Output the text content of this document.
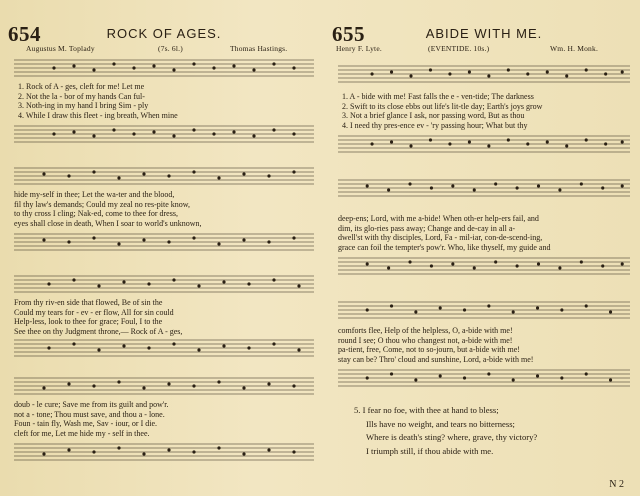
654	ROCK OF AGES.
Augustus M. Toplady	(7s. 6l.)	Thomas Hastings.
1. Rock of A - ges, cleft for me! Let me
2. Not the la - bor of my hands Can ful-
3. Noth-ing in my hand I bring Sim - ply
4. While I draw this fleet - ing breath, When mine
hide my-self in thee; Let the wa-ter and the blood,
fil thy law's demands; Could my zeal no res-pite know,
to thy cross I cling; Nak-ed, come to thee for dress,
eyes shall close in death, When I soar to world's unknown,
From thy riv-en side that flowed, Be of sin the
Could my tears for - ev - er flow, All for sin could
Help-less, look to thee for grace; Foul, I to the
See thee on thy Judgment throne,— Rock of A - ges,
doub - le cure; Save me from its guilt and pow'r.
not a - tone; Thou must save, and thou a - lone.
Foun - tain fly, Wash me, Sav - iour, or I die.
cleft for me, Let me hide my - self in thee.
655	ABIDE WITH ME.
Henry F. Lyte.	(EVENTIDE. 10s.)	Wm. H. Monk.
1. A - bide with me! Fast falls the e - ven-tide; The darkness
2. Swift to its close ebbs out life's lit-tle day; Earth's joys grow
3. Not a brief glance I ask, nor passing word, But as thou
4. I need thy pres-ence ev - 'ry passing hour; What but thy
deep-ens; Lord, with me a-bide! When oth-er help-ers fail, and
dim, its glo-ries pass away; Change and de-cay in all a-
dwell'st with thy disciples, Lord, Fa - mil-iar, con-de-scend-ing,
grace can foil the tempter's pow'r. Who, like thyself, my guide and
comforts flee, Help of the helpless, O, a-bide with me!
round I see; O thou who changest not, a-bide with me!
pa-tient, free, Come, not to so-journ, but a-bide with me!
stay can be? Thro' cloud and sunshine, Lord, a-bide with me!
5. I fear no foe, with thee at hand to bless;
Ills have no weight, and tears no bitterness;
Where is death's sting? where, grave, thy victory?
I triumph still, if thou abide with me.
N 2
